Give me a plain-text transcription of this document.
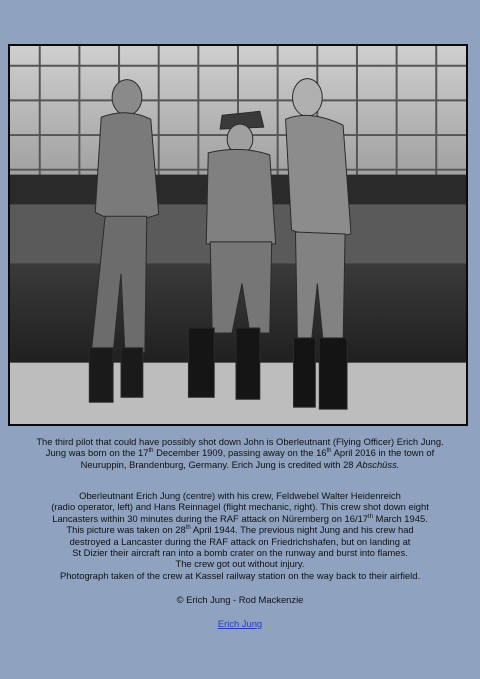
The third pilot that could have possibly shot down John is Oberleutnant (Flying Officer) Erich Jung.
Jung was born on the 17th December 1909, passing away on the 16th April 2016 in the town of
Neuruppin, Brandenburg, Germany. Erich Jung is credited with 28 Abschüss.
Oberleutnant Erich Jung (centre) with his crew, Feldwebel Walter Heidenreich
(radio operator, left) and Hans Reinnagel (flight mechanic, right). This crew shot down eight
Lancasters within 30 minutes during the RAF attack on Nüremberg on 16/17th March 1945.
This picture was taken on 28th April 1944. The previous night Jung and his crew had
destroyed a Lancaster during the RAF attack on Friedrichshafen, but on landing at
St Dizier their aircraft ran into a bomb crater on the runway and burst into flames.
The crew got out without injury.
Photograph taken of the crew at Kassel railway station on the way back to their airfield.
© Erich Jung - Rod Mackenzie
Erich Jung
